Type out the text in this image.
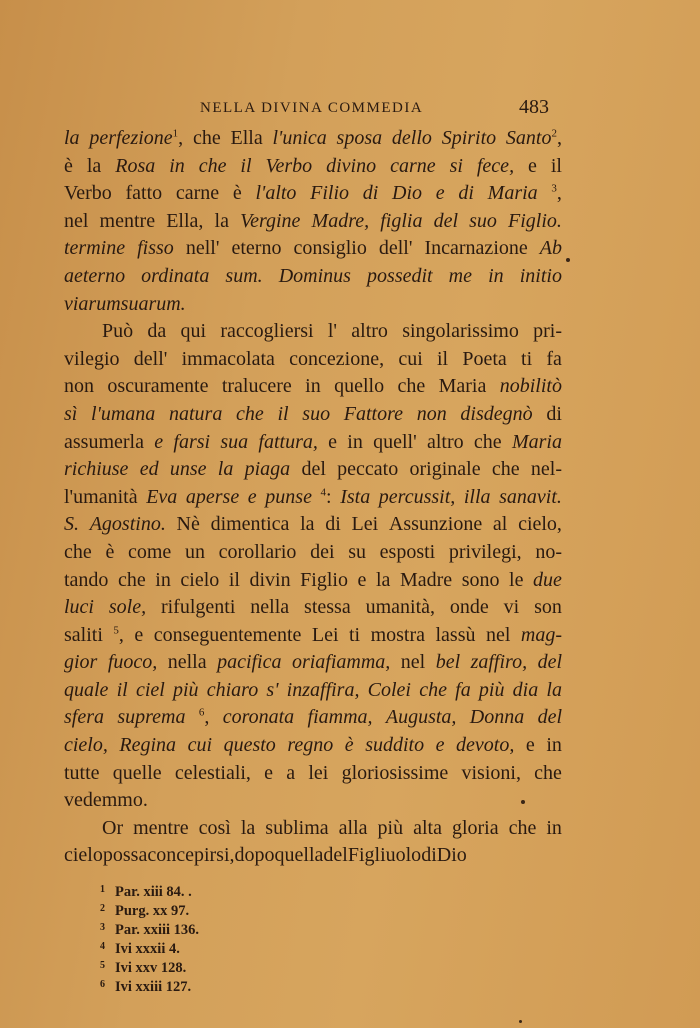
NELLA DIVINA COMMEDIA	483
la perfezione$^1$, che Ella l'unica sposa dello Spirito Santo$^2$,
è la Rosa in che il Verbo divino carne si fece, e il
Verbo fatto carne è l'alto Filio di Dio e di Maria $^3$,
nel mentre Ella, la Vergine Madre, figlia del suo Figlio.
termine fisso nell' eterno consiglio dell' Incarnazione Ab
aeterno ordinata sum. Dominus possedit me in initio
viarum suarum.
Può da qui raccogliersi l' altro singolarissimo pri-
vilegio dell' immacolata concezione, cui il Poeta ti fa
non oscuramente tralucere in quello che Maria nobilitò
sì l'umana natura che il suo Fattore non disdegnò di
assumerla e farsi sua fattura, e in quell' altro che Maria
richiuse ed unse la piaga del peccato originale che nel-
l'umanità Eva aperse e punse $^4$: Ista percussit, illa sanavit.
S. Agostino. Nè dimentica la di Lei Assunzione al cielo,
che è come un corollario dei su esposti privilegi, no-
tando che in cielo il divin Figlio e la Madre sono le due
luci sole, rifulgenti nella stessa umanità, onde vi son
saliti $^5$, e conseguentemente Lei ti mostra lassù nel mag-
gior fuoco, nella pacifica oriafiamma, nel bel zaffiro, del
quale il ciel più chiaro s' inzaffira, Colei che fa più dia la
sfera suprema $^6$, coronata fiamma, Augusta, Donna del
cielo, Regina cui questo regno è suddito e devoto, e in
tutte quelle celestiali, e a lei gloriosissime visioni, che
vedemmo.
Or mentre così la sublima alla più alta gloria che in
cielo possa concepirsi, dopo quella del Figliuolo di Dio
1 Par. xiii 84. .
2 Purg. xx 97.
3 Par. xxiii 136.
4 Ivi xxxii 4.
5 Ivi xxv 128.
6 Ivi xxiii 127.
